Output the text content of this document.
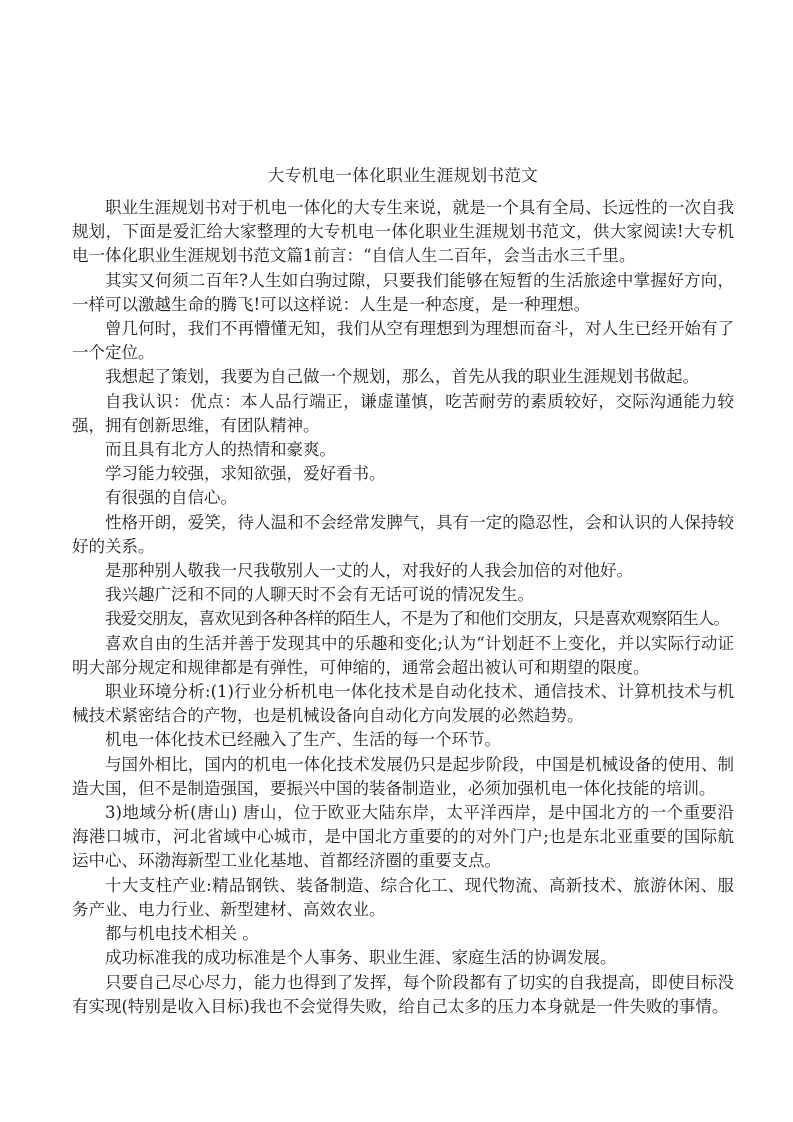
大专机电一体化职业生涯规划书范文

职业生涯规划书对于机电一体化的大专生来说，就是一个具有全局、长远性的一次自我规划，下面是爱汇给大家整理的大专机电一体化职业生涯规划书范文，供大家阅读!大专机电一体化职业生涯规划书范文篇1前言：“自信人生二百年，会当击水三千里。

其实又何须二百年?人生如白驹过隙，只要我们能够在短暂的生活旅途中掌握好方向，一样可以激越生命的腾飞!可以这样说：人生是一种态度，是一种理想。

曾几何时，我们不再懵懂无知，我们从空有理想到为理想而奋斗，对人生已经开始有了一个定位。

我想起了策划，我要为自己做一个规划，那么，首先从我的职业生涯规划书做起。

自我认识：优点：本人品行端正，谦虚谨慎，吃苦耐劳的素质较好，交际沟通能力较强，拥有创新思维，有团队精神。

而且具有北方人的热情和豪爽。

学习能力较强，求知欲强，爱好看书。

有很强的自信心。

性格开朗，爱笑，待人温和不会经常发脾气，具有一定的隐忍性，会和认识的人保持较好的关系。

是那种别人敬我一尺我敬别人一丈的人，对我好的人我会加倍的对他好。

我兴趣广泛和不同的人聊天时不会有无话可说的情况发生。

我爱交朋友，喜欢见到各种各样的陌生人，不是为了和他们交朋友，只是喜欢观察陌生人。

喜欢自由的生活并善于发现其中的乐趣和变化;认为“计划赶不上变化，并以实际行动证明大部分规定和规律都是有弹性，可伸缩的，通常会超出被认可和期望的限度。

职业环境分析:(1)行业分析机电一体化技术是自动化技术、通信技术、计算机技术与机械技术紧密结合的产物，也是机械设备向自动化方向发展的必然趋势。

机电一体化技术已经融入了生产、生活的每一个环节。

与国外相比，国内的机电一体化技术发展仍只是起步阶段，中国是机械设备的使用、制造大国，但不是制造强国，要振兴中国的装备制造业，必须加强机电一体化技能的培训。

3)地域分析(唐山) 唐山，位于欧亚大陆东岸，太平洋西岸，是中国北方的一个重要沿海港口城市，河北省域中心城市，是中国北方重要的的对外门户;也是东北亚重要的国际航运中心、环渤海新型工业化基地、首都经济圈的重要支点。

十大支柱产业:精品钢铁、装备制造、综合化工、现代物流、高新技术、旅游休闲、服务产业、电力行业、新型建材、高效农业。

都与机电技术相关 。

成功标准我的成功标准是个人事务、职业生涯、家庭生活的协调发展。

只要自己尽心尽力，能力也得到了发挥，每个阶段都有了切实的自我提高，即使目标没有实现(特别是收入目标)我也不会觉得失败，给自己太多的压力本身就是一件失败的事情。
